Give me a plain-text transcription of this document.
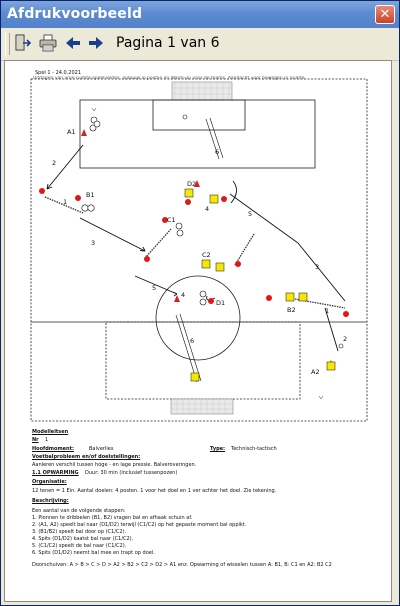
Afdrukvoorbeeld	✕
Pagina 1 van 6
Spel 1 - 24.0.2021
Uitdagen van vrije-ruimte-speelvelden, opbouw in positie en Warm-up voor de teams. Aandacht voor bewegen in ruimte.
A1
B1
C1
D2
C2
B2
D1
A2
1
1
2
2
3
3
4
4
5
5
6
6
Modelleitsen
Nr 1
Hoofdmoment:	Balverlies	Type: Technisch-tactisch
Voetbalprobleem en/of doelstellingen:
Aanleren verschil tussen hoge - en lage pressie. Balveroveringen.
1.1 OPWARMING Duur: 30 min (inclusief tussenpozen)
Organisatie:
12 tenen = 1 Ein. Aantal doelen: 4 posten. 1 voor het doel en 1 ver achter het doel. Zie tekening.
Beschrijving:
Een aantal van de volgende stappen:
1. Pionnen te dribbelen (B1, B2) vragen bal en afhaak schuin af.
2. (A1, A2) speelt bal naar (D1/D2) terwijl (C1/C2) op het gepaste moment bal oppikt.
3. (B1/B2) speelt bal door op (C1/C2).
4. Spits (D1/D2) kaatst bal naar (C1/C2).
5. (C1/C2) speelt de bal naar (C1/C2).
6. Spits (D1/D2) neemt bal mee en trapt op doel.
Doorschuiven: A > B > C > D > A2 > B2 > C2 > D2 > A1 enz. Opwarming of wisselen tussen A: B1, B: C1 en A2: B2 C2
